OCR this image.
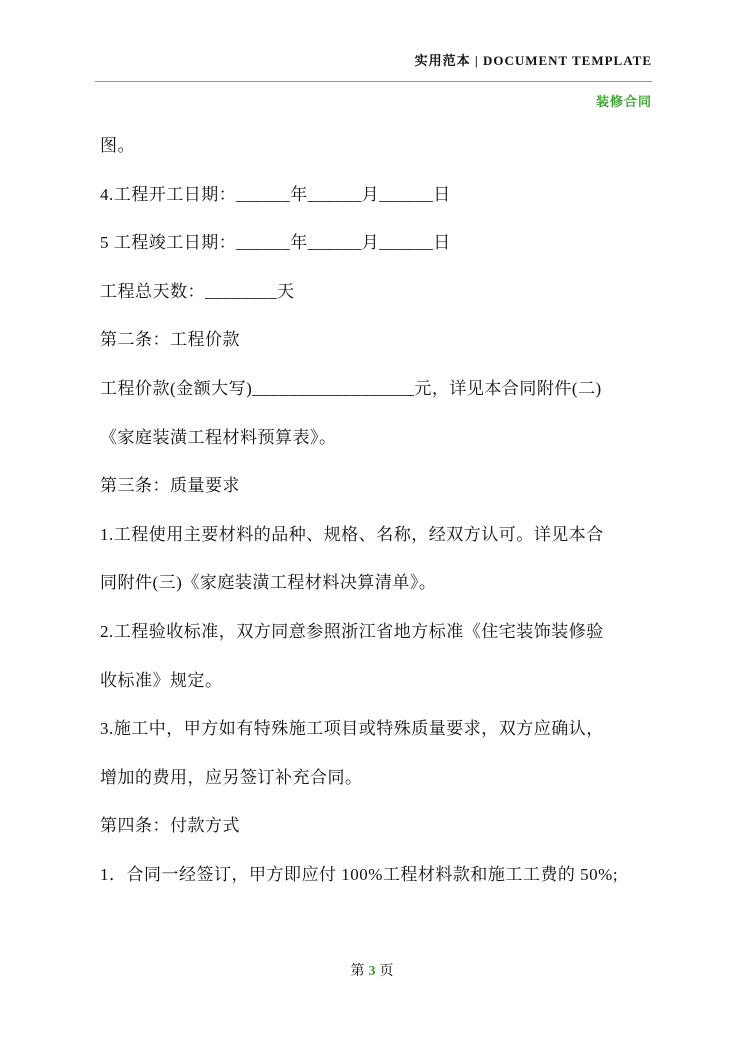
实用范本 | DOCUMENT TEMPLATE
装修合同
图。
4.工程开工日期：______年______月______日
5 工程竣工日期：______年______月______日
工程总天数：________天
第二条：工程价款
工程价款(金额大写)__________________元，详见本合同附件(二)
《家庭装潢工程材料预算表》。
第三条：质量要求
1.工程使用主要材料的品种、规格、名称，经双方认可。详见本合
同附件(三)《家庭装潢工程材料决算清单》。
2.工程验收标准，双方同意参照浙江省地方标准《住宅装饰装修验
收标准》规定。
3.施工中，甲方如有特殊施工项目或特殊质量要求，双方应确认，
增加的费用，应另签订补充合同。
第四条：付款方式
1．合同一经签订，甲方即应付 100%工程材料款和施工工费的 50%;
第 3 页
